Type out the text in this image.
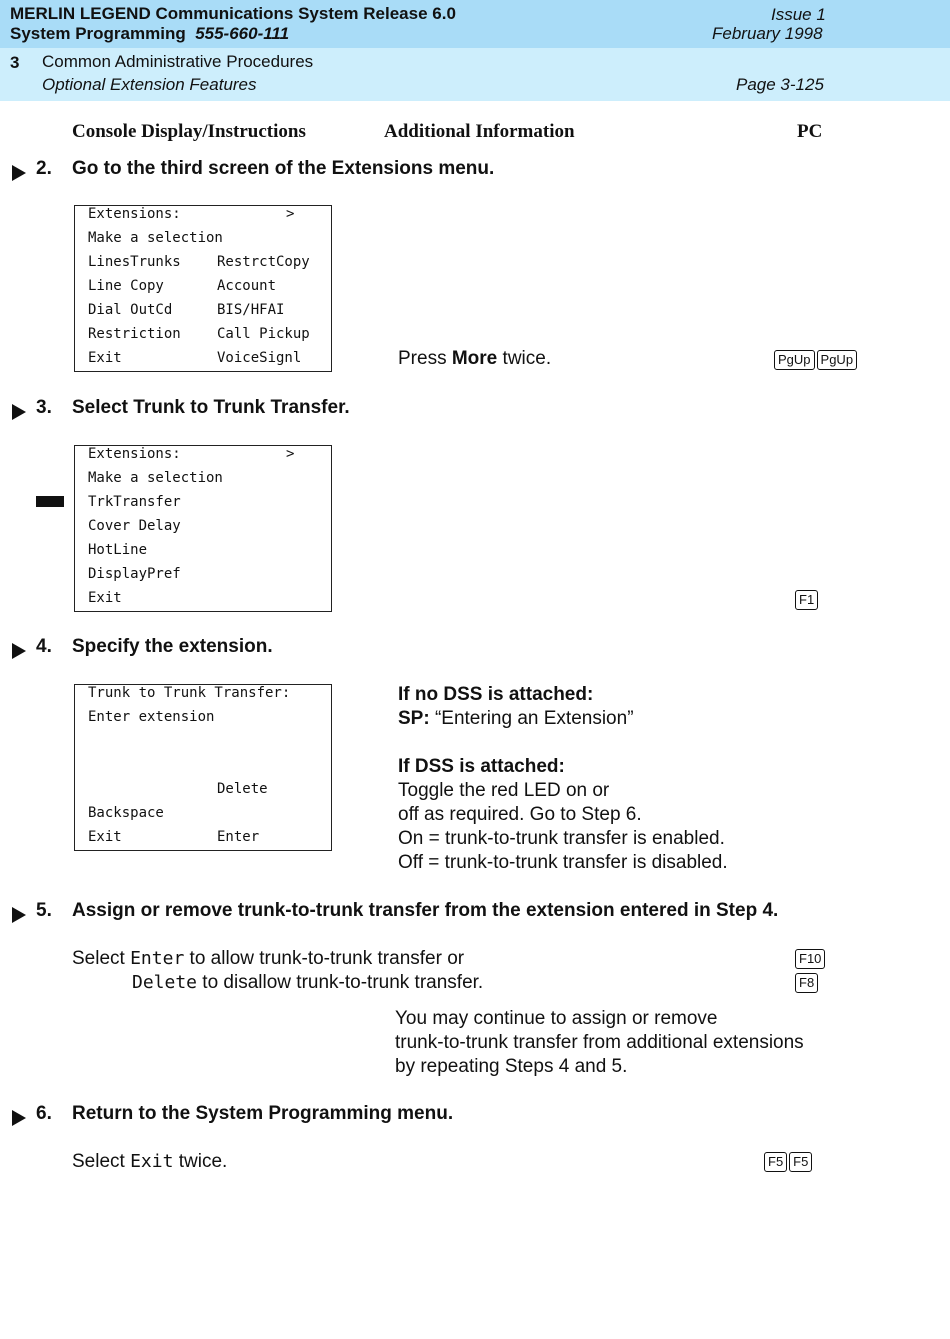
MERLIN LEGEND Communications System Release 6.0	Issue 1
System Programming 555-660-111	February 1998
3 Common Administrative Procedures
Optional Extension Features	Page 3-125
Console Display/Instructions	Additional Information	PC
2. Go to the third screen of the Extensions menu.
Extensions:	>
Make a selection
LinesTrunks	RestrctCopy
Line Copy	Account
Dial OutCd	BIS/HFAI
Restriction	Call Pickup
Exit	VoiceSignl	Press More twice.	PgUp PgUp
3. Select Trunk to Trunk Transfer.
Extensions:	>
Make a selection
TrkTransfer
Cover Delay
HotLine
DisplayPref
Exit	F1
4. Specify the extension.
Trunk to Trunk Transfer:
Enter extension
Delete
Backspace
Exit	Enter
If no DSS is attached:
SP: “Entering an Extension”
If DSS is attached:
Toggle the red LED on or
off as required. Go to Step 6.
On = trunk-to-trunk transfer is enabled.
Off = trunk-to-trunk transfer is disabled.
5. Assign or remove trunk-to-trunk transfer from the extension entered in Step 4.
Select Enter to allow trunk-to-trunk transfer or	F10
Delete to disallow trunk-to-trunk transfer.	F8
You may continue to assign or remove
trunk-to-trunk transfer from additional extensions
by repeating Steps 4 and 5.
6. Return to the System Programming menu.
Select Exit twice.	F5 F5
